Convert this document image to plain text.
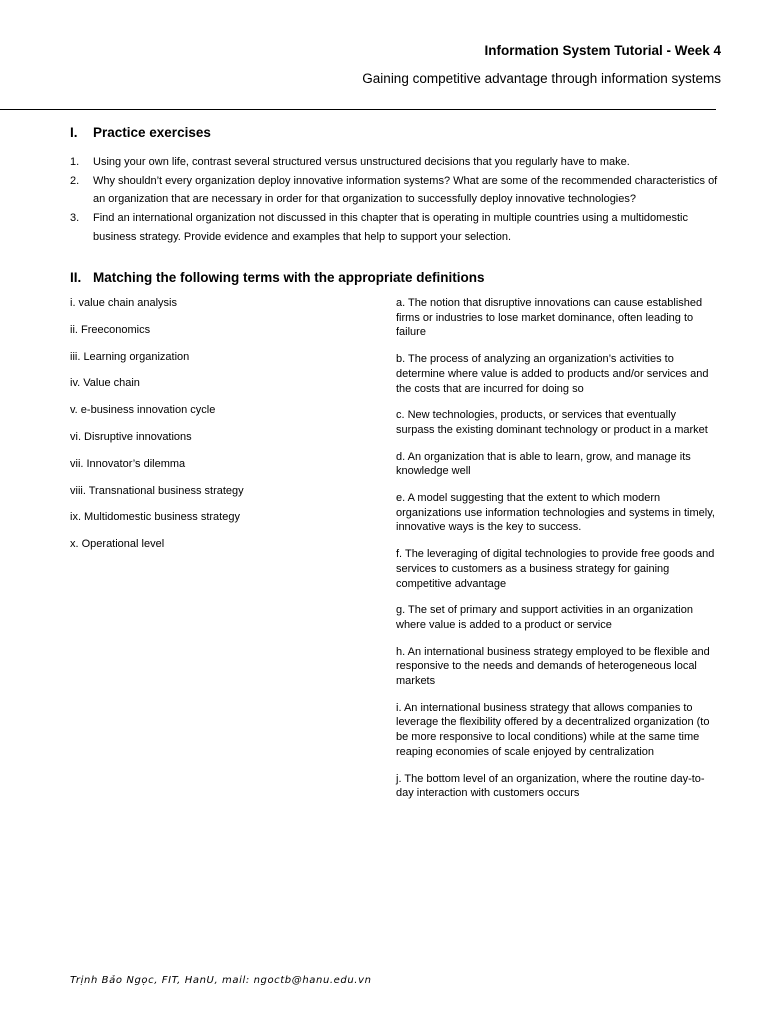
Information System Tutorial - Week 4
Gaining competitive advantage through information systems
I. Practice exercises
1.	Using your own life, contrast several structured versus unstructured decisions that you regularly have to make.
2.	Why shouldn’t every organization deploy innovative information systems? What are some of the recommended characteristics of an organization that are necessary in order for that organization to successfully deploy innovative technologies?
3.	Find an international organization not discussed in this chapter that is operating in multiple countries using a multidomestic business strategy. Provide evidence and examples that help to support your selection.
II. Matching the following terms with the appropriate definitions
i. value chain analysis
ii. Freeconomics
iii. Learning organization
iv. Value chain
v. e-business innovation cycle
vi. Disruptive innovations
vii. Innovator’s dilemma
viii. Transnational business strategy
ix. Multidomestic business strategy
x. Operational level
a. The notion that disruptive innovations can cause established firms or industries to lose market dominance, often leading to failure
b. The process of analyzing an organization’s activities to determine where value is added to products and/or services and the costs that are incurred for doing so
c. New technologies, products, or services that eventually surpass the existing dominant technology or product in a market
d. An organization that is able to learn, grow, and manage its knowledge well
e. A model suggesting that the extent to which modern organizations use information technologies and systems in timely, innovative ways is the key to success.
f. The leveraging of digital technologies to provide free goods and services to customers as a business strategy for gaining competitive advantage
g. The set of primary and support activities in an organization where value is added to a product or service
h. An international business strategy employed to be flexible and responsive to the needs and demands of heterogeneous local markets
i. An international business strategy that allows companies to leverage the flexibility offered by a decentralized organization (to be more responsive to local conditions) while at the same time reaping economies of scale enjoyed by centralization
j. The bottom level of an organization, where the routine day-to-day interaction with customers occurs
Trịnh Bảo Ngọc, FIT, HanU, mail: ngoctb@hanu.edu.vn
